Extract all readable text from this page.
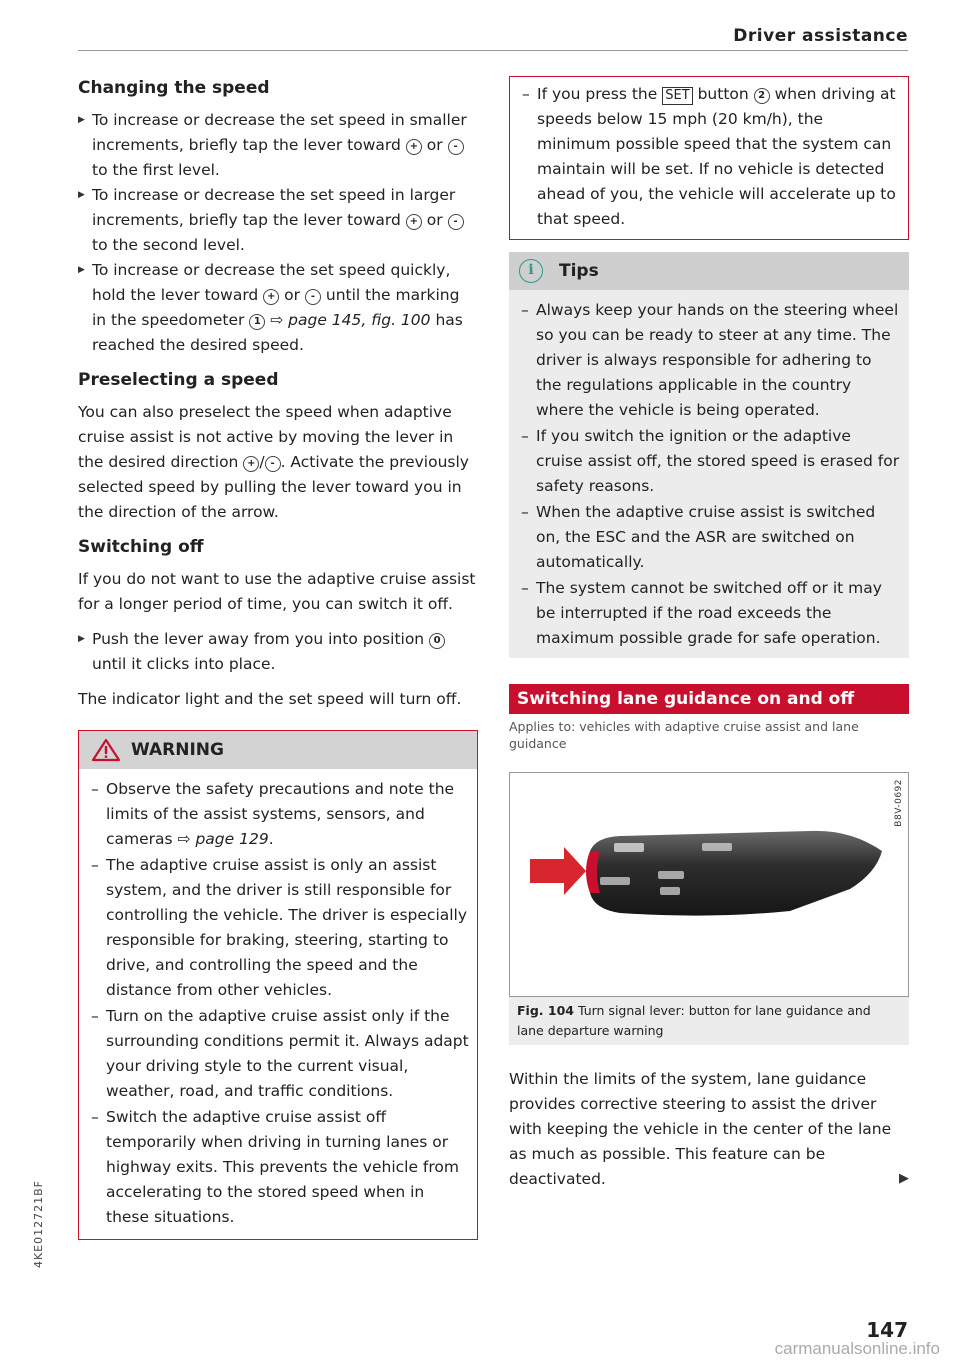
Driver assistance
Changing the speed
▶ To increase or decrease the set speed in smaller increments, briefly tap the lever toward + or - to the first level.
▶ To increase or decrease the set speed in larger increments, briefly tap the lever toward + or - to the second level.
▶ To increase or decrease the set speed quickly, hold the lever toward + or - until the marking in the speedometer 1 ⇨ page 145, fig. 100 has reached the desired speed.
Preselecting a speed

You can also preselect the speed when adaptive cruise assist is not active by moving the lever in the desired direction + / - . Activate the previously selected speed by pulling the lever toward you in the direction of the arrow.

Switching off

If you do not want to use the adaptive cruise assist for a longer period of time, you can switch it off.

▶ Push the lever away from you into position 0 until it clicks into place.

The indicator light and the set speed will turn off.

WARNING
– Observe the safety precautions and note the limits of the assist systems, sensors, and cameras ⇨ page 129.
– The adaptive cruise assist is only an assist system, and the driver is still responsible for controlling the vehicle. The driver is especially responsible for braking, steering, starting to drive, and controlling the speed and the distance from other vehicles.
– Turn on the adaptive cruise assist only if the surrounding conditions permit it. Always adapt your driving style to the current visual, weather, road, and traffic conditions.
– Switch the adaptive cruise assist off temporarily when driving in turning lanes or highway exits. This prevents the vehicle from accelerating to the stored speed when in these situations.
– If you press the SET button 2 when driving at speeds below 15 mph (20 km/h), the minimum possible speed that the system can maintain will be set. If no vehicle is detected ahead of you, the vehicle will accelerate up to that speed.
i	Tips
– Always keep your hands on the steering wheel so you can be ready to steer at any time. The driver is always responsible for adhering to the regulations applicable in the country where the vehicle is being operated.
– If you switch the ignition or the adaptive cruise assist off, the stored speed is erased for safety reasons.
– When the adaptive cruise assist is switched on, the ESC and the ASR are switched on automatically.
– The system cannot be switched off or it may be interrupted if the road exceeds the maximum possible grade for safe operation.
Switching lane guidance on and off
Applies to: vehicles with adaptive cruise assist and lane guidance
B8V-0692
Fig. 104 Turn signal lever: button for lane guidance and lane departure warning

Within the limits of the system, lane guidance provides corrective steering to assist the driver with keeping the vehicle in the center of the lane as much as possible. This feature can be deactivated.	▶
147
4KE012721BF
carmanualsonline.info
